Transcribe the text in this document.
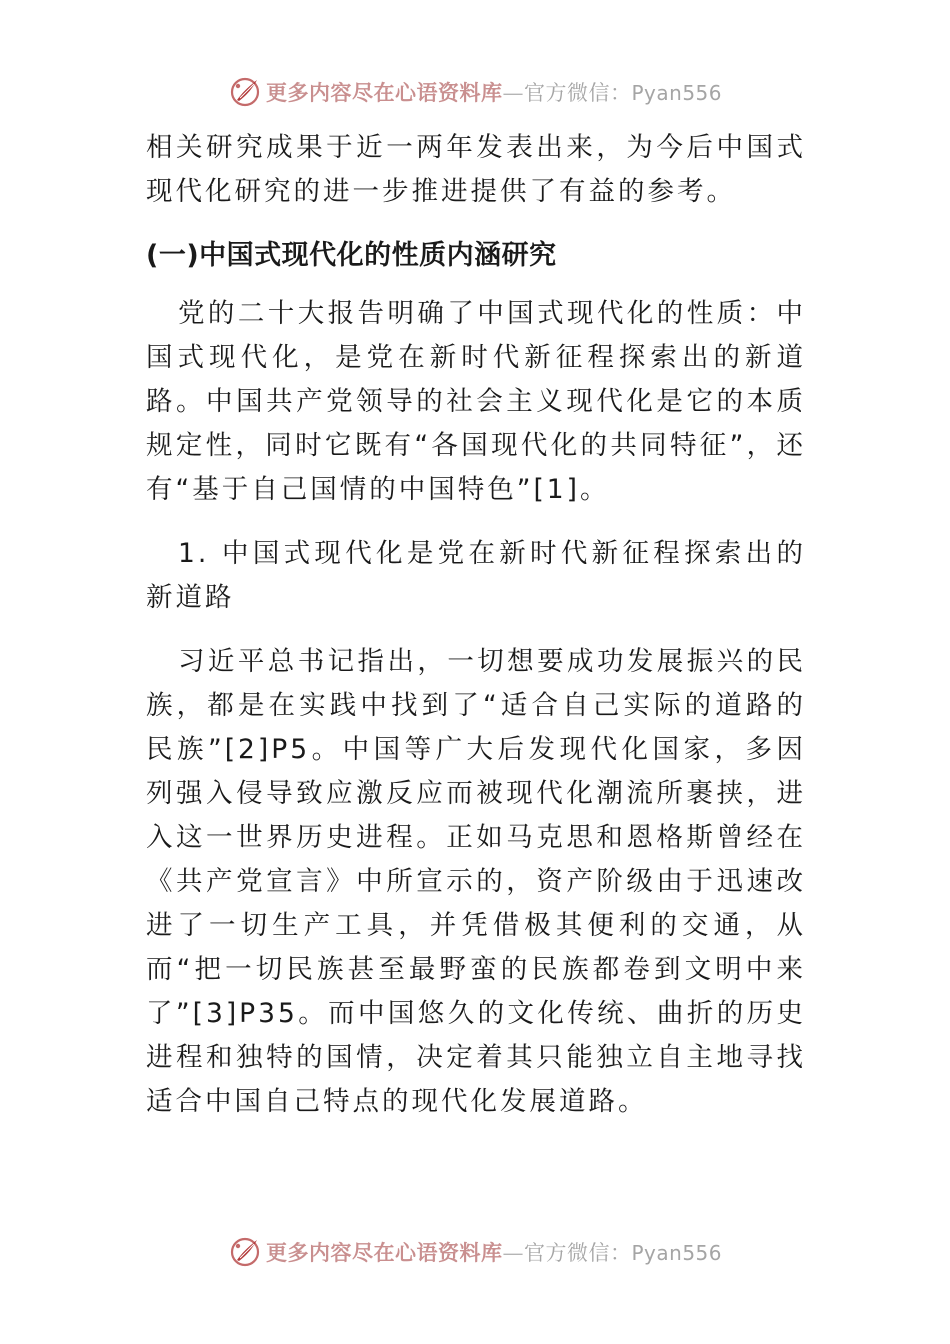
更多内容尽在心语资料库—官方微信：Pyan556

相关研究成果于近一两年发表出来，为今后中国式现代化研究的进一步推进提供了有益的参考。

(一)中国式现代化的性质内涵研究

党的二十大报告明确了中国式现代化的性质：中国式现代化，是党在新时代新征程探索出的新道路。中国共产党领导的社会主义现代化是它的本质规定性，同时它既有“各国现代化的共同特征”，还有“基于自己国情的中国特色”[1]。

1. 中国式现代化是党在新时代新征程探索出的新道路

习近平总书记指出，一切想要成功发展振兴的民族，都是在实践中找到了“适合自己实际的道路的民族”[2]P5。中国等广大后发现代化国家，多因列强入侵导致应激反应而被现代化潮流所裹挟，进入这一世界历史进程。正如马克思和恩格斯曾经在《共产党宣言》中所宣示的，资产阶级由于迅速改进了一切生产工具，并凭借极其便利的交通，从而“把一切民族甚至最野蛮的民族都卷到文明中来了”[3]P35。而中国悠久的文化传统、曲折的历史进程和独特的国情，决定着其只能独立自主地寻找适合中国自己特点的现代化发展道路。

更多内容尽在心语资料库—官方微信：Pyan556
